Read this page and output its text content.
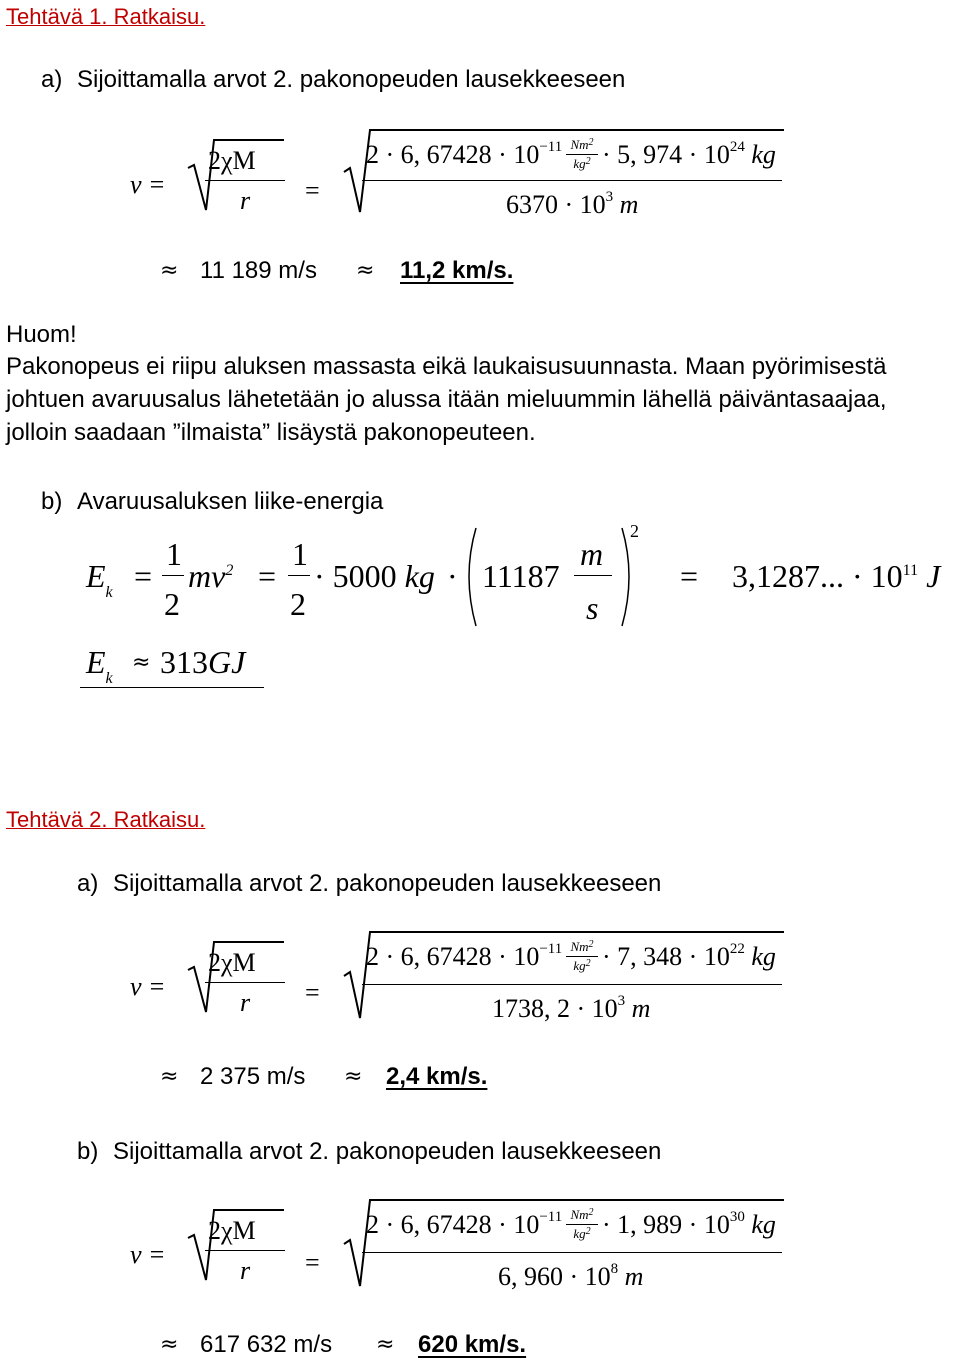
Tehtävä 1. Ratkaisu.
a) Sijoittamalla arvot 2. pakonopeuden lausekkeeseen
v =
2χM
r =
2 · 6, $67428 \cdot 10^{-11}$ Nm$^2$
$kg^2 \cdot 5$, $974 \cdot 10^{24}$ kg
$6370 \cdot 10^3$ m
≈ 11 189 m/s ≈ 11,2 km/s.
Huom!
Pakonopeus ei riipu aluksen massasta eikä laukaisusuunnasta. Maan pyörimisestä
johtuen avaruusalus lähetetään jo alussa itään mieluummin lähellä päiväntasaajaa,
jolloin saadaan ”ilmaista” lisäystä pakonopeuteen.
b) Avaruusaluksen liike-energia
$E_k$ =
1
2
$mv^2$ =
1
2
· 5000 kg · 11187
m
s
2
= 3,1287... · $10^{11}$ J
$E_k$
≈ 313GJ
Tehtävä 2. Ratkaisu.
a) Sijoittamalla arvot 2. pakonopeuden lausekkeeseen
v =
2χM
r =
2 · 6, $67428 \cdot 10^{-11}$ Nm$^2$
$kg^2 \cdot 7$, $348 \cdot 10^{22}$ kg
1738, $2 \cdot 10^3$ m
≈ 2 375 m/s ≈ 2,4 km/s.
b) Sijoittamalla arvot 2. pakonopeuden lausekkeeseen
v =
2χM
r =
2 · 6, $67428 \cdot 10^{-11}$ Nm$^2$
$kg^2 \cdot 1$, $989 \cdot 10^{30}$ kg
6, $960 \cdot 10^8$ m
≈ 617 632 m/s ≈ 620 km/s.
